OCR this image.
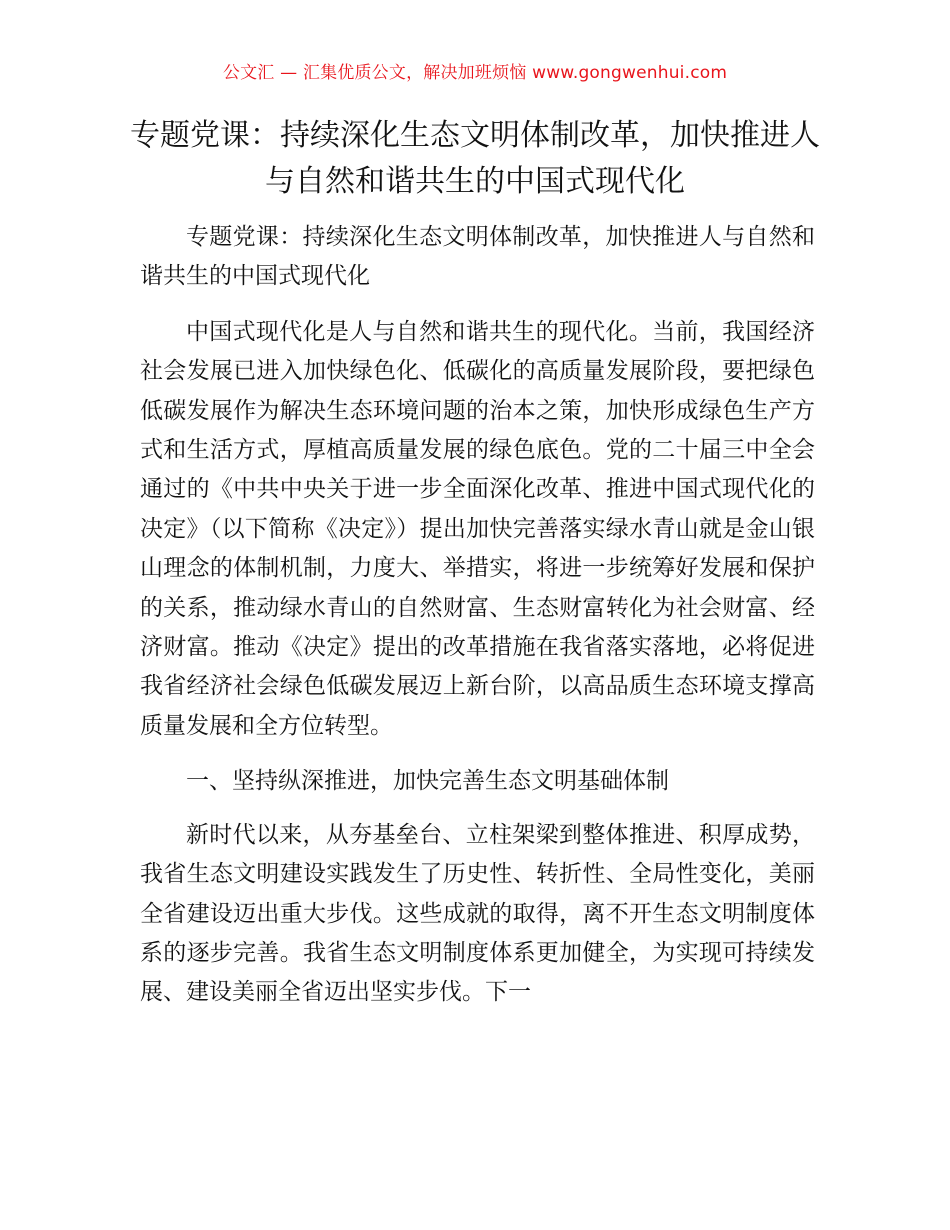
公文汇 — 汇集优质公文，解决加班烦恼 www.gongwenhui.com
专题党课：持续深化生态文明体制改革，加快推进人与自然和谐共生的中国式现代化

专题党课：持续深化生态文明体制改革，加快推进人与自然和谐共生的中国式现代化

中国式现代化是人与自然和谐共生的现代化。当前，我国经济社会发展已进入加快绿色化、低碳化的高质量发展阶段，要把绿色低碳发展作为解决生态环境问题的治本之策，加快形成绿色生产方式和生活方式，厚植高质量发展的绿色底色。党的二十届三中全会通过的《中共中央关于进一步全面深化改革、推进中国式现代化的决定》（以下简称《决定》）提出加快完善落实绿水青山就是金山银山理念的体制机制，力度大、举措实，将进一步统筹好发展和保护的关系，推动绿水青山的自然财富、生态财富转化为社会财富、经济财富。推动《决定》提出的改革措施在我省落实落地，必将促进我省经济社会绿色低碳发展迈上新台阶，以高品质生态环境支撑高质量发展和全方位转型。

一、坚持纵深推进，加快完善生态文明基础体制

新时代以来，从夯基垒台、立柱架梁到整体推进、积厚成势，我省生态文明建设实践发生了历史性、转折性、全局性变化，美丽全省建设迈出重大步伐。这些成就的取得，离不开生态文明制度体系的逐步完善。我省生态文明制度体系更加健全，为实现可持续发展、建设美丽全省迈出坚实步伐。下一
